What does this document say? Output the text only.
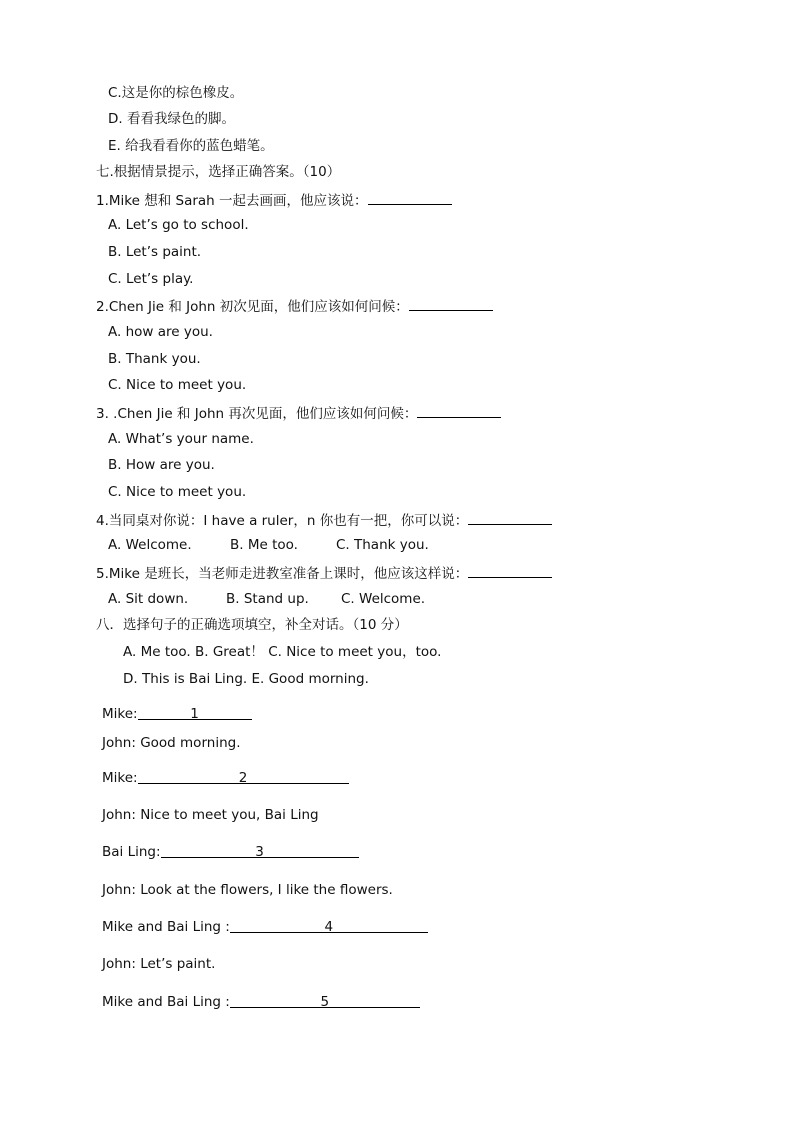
C.这是你的棕色橡皮。
D. 看看我绿色的脚。
E. 给我看看你的蓝色蜡笔。
七.根据情景提示，选择正确答案。（10）
1.Mike 想和 Sarah 一起去画画，他应该说：
A. Let’s go to school.
B. Let’s paint.
C. Let’s play.
2.Chen Jie 和 John 初次见面，他们应该如何问候：
A. how are you.
B. Thank you.
C. Nice to meet you.
3. .Chen Jie 和 John 再次见面，他们应该如何问候：
A. What’s your name.
B. How are you.
C. Nice to meet you.
4.当同桌对你说：I have a ruler，n 你也有一把，你可以说：
A. Welcome.	B. Me too.	C. Thank you.
5.Mike 是班长，当老师走进教室准备上课时，他应该这样说：
A. Sit down.	B. Stand up. C. Welcome.
八．选择句子的正确选项填空，补全对话。（10 分）
A. Me too. B. Great！ C. Nice to meet you，too.
D. This is Bai Ling. E. Good morning.
Mike:	1
John: Good morning.
Mike:	2
John: Nice to meet you, Bai Ling
Bai Ling:	3
John: Look at the flowers, I like the flowers.
Mike and Bai Ling :	4
John: Let’s paint.
Mike and Bai Ling :	5
